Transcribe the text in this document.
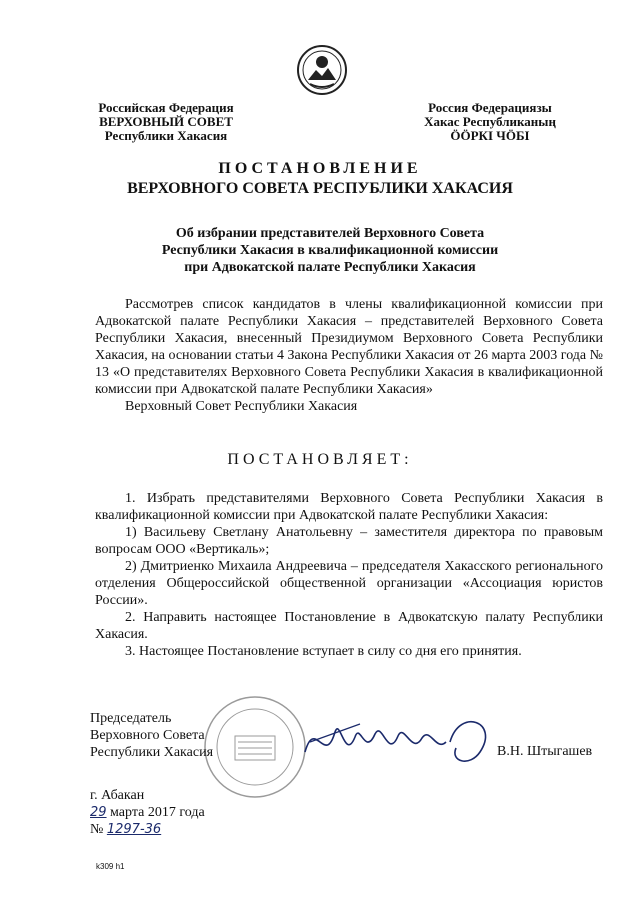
Российская Федерация
ВЕРХОВНЫЙ СОВЕТ
Республики Хакасия
Россия Федерациязы
Хакас Республиканың
ÖÖРКI ЧÖБI
ПОСТАНОВЛЕНИЕ
ВЕРХОВНОГО СОВЕТА РЕСПУБЛИКИ ХАКАСИЯ
Об избрании представителей Верховного Совета
Республики Хакасия в квалификационной комиссии
при Адвокатской палате Республики Хакасия
Рассмотрев список кандидатов в члены квалификационной комиссии при Адвокатской палате Республики Хакасия – представителей Верховного Совета Республики Хакасия, внесенный Президиумом Верховного Совета Республики Хакасия, на основании статьи 4 Закона Республики Хакасия от 26 марта 2003 года № 13 «О представителях Верховного Совета Республики Хакасия в квалификационной комиссии при Адвокатской палате Республики Хакасия»
Верховный Совет Республики Хакасия
ПОСТАНОВЛЯЕТ:
1. Избрать представителями Верховного Совета Республики Хакасия в квалификационной комиссии при Адвокатской палате Республики Хакасия:
1) Васильеву Светлану Анатольевну – заместителя директора по правовым вопросам ООО «Вертикаль»;
2) Дмитриенко Михаила Андреевича – председателя Хакасского регионального отделения Общероссийской общественной организации «Ассоциация юристов России».
2. Направить настоящее Постановление в Адвокатскую палату Республики Хакасия.
3. Настоящее Постановление вступает в силу со дня его принятия.
Председатель
Верховного Совета
Республики Хакасия	В.Н. Штыгашев
г. Абакан
29 марта 2017 года
№ 1297-36
k309 h1
